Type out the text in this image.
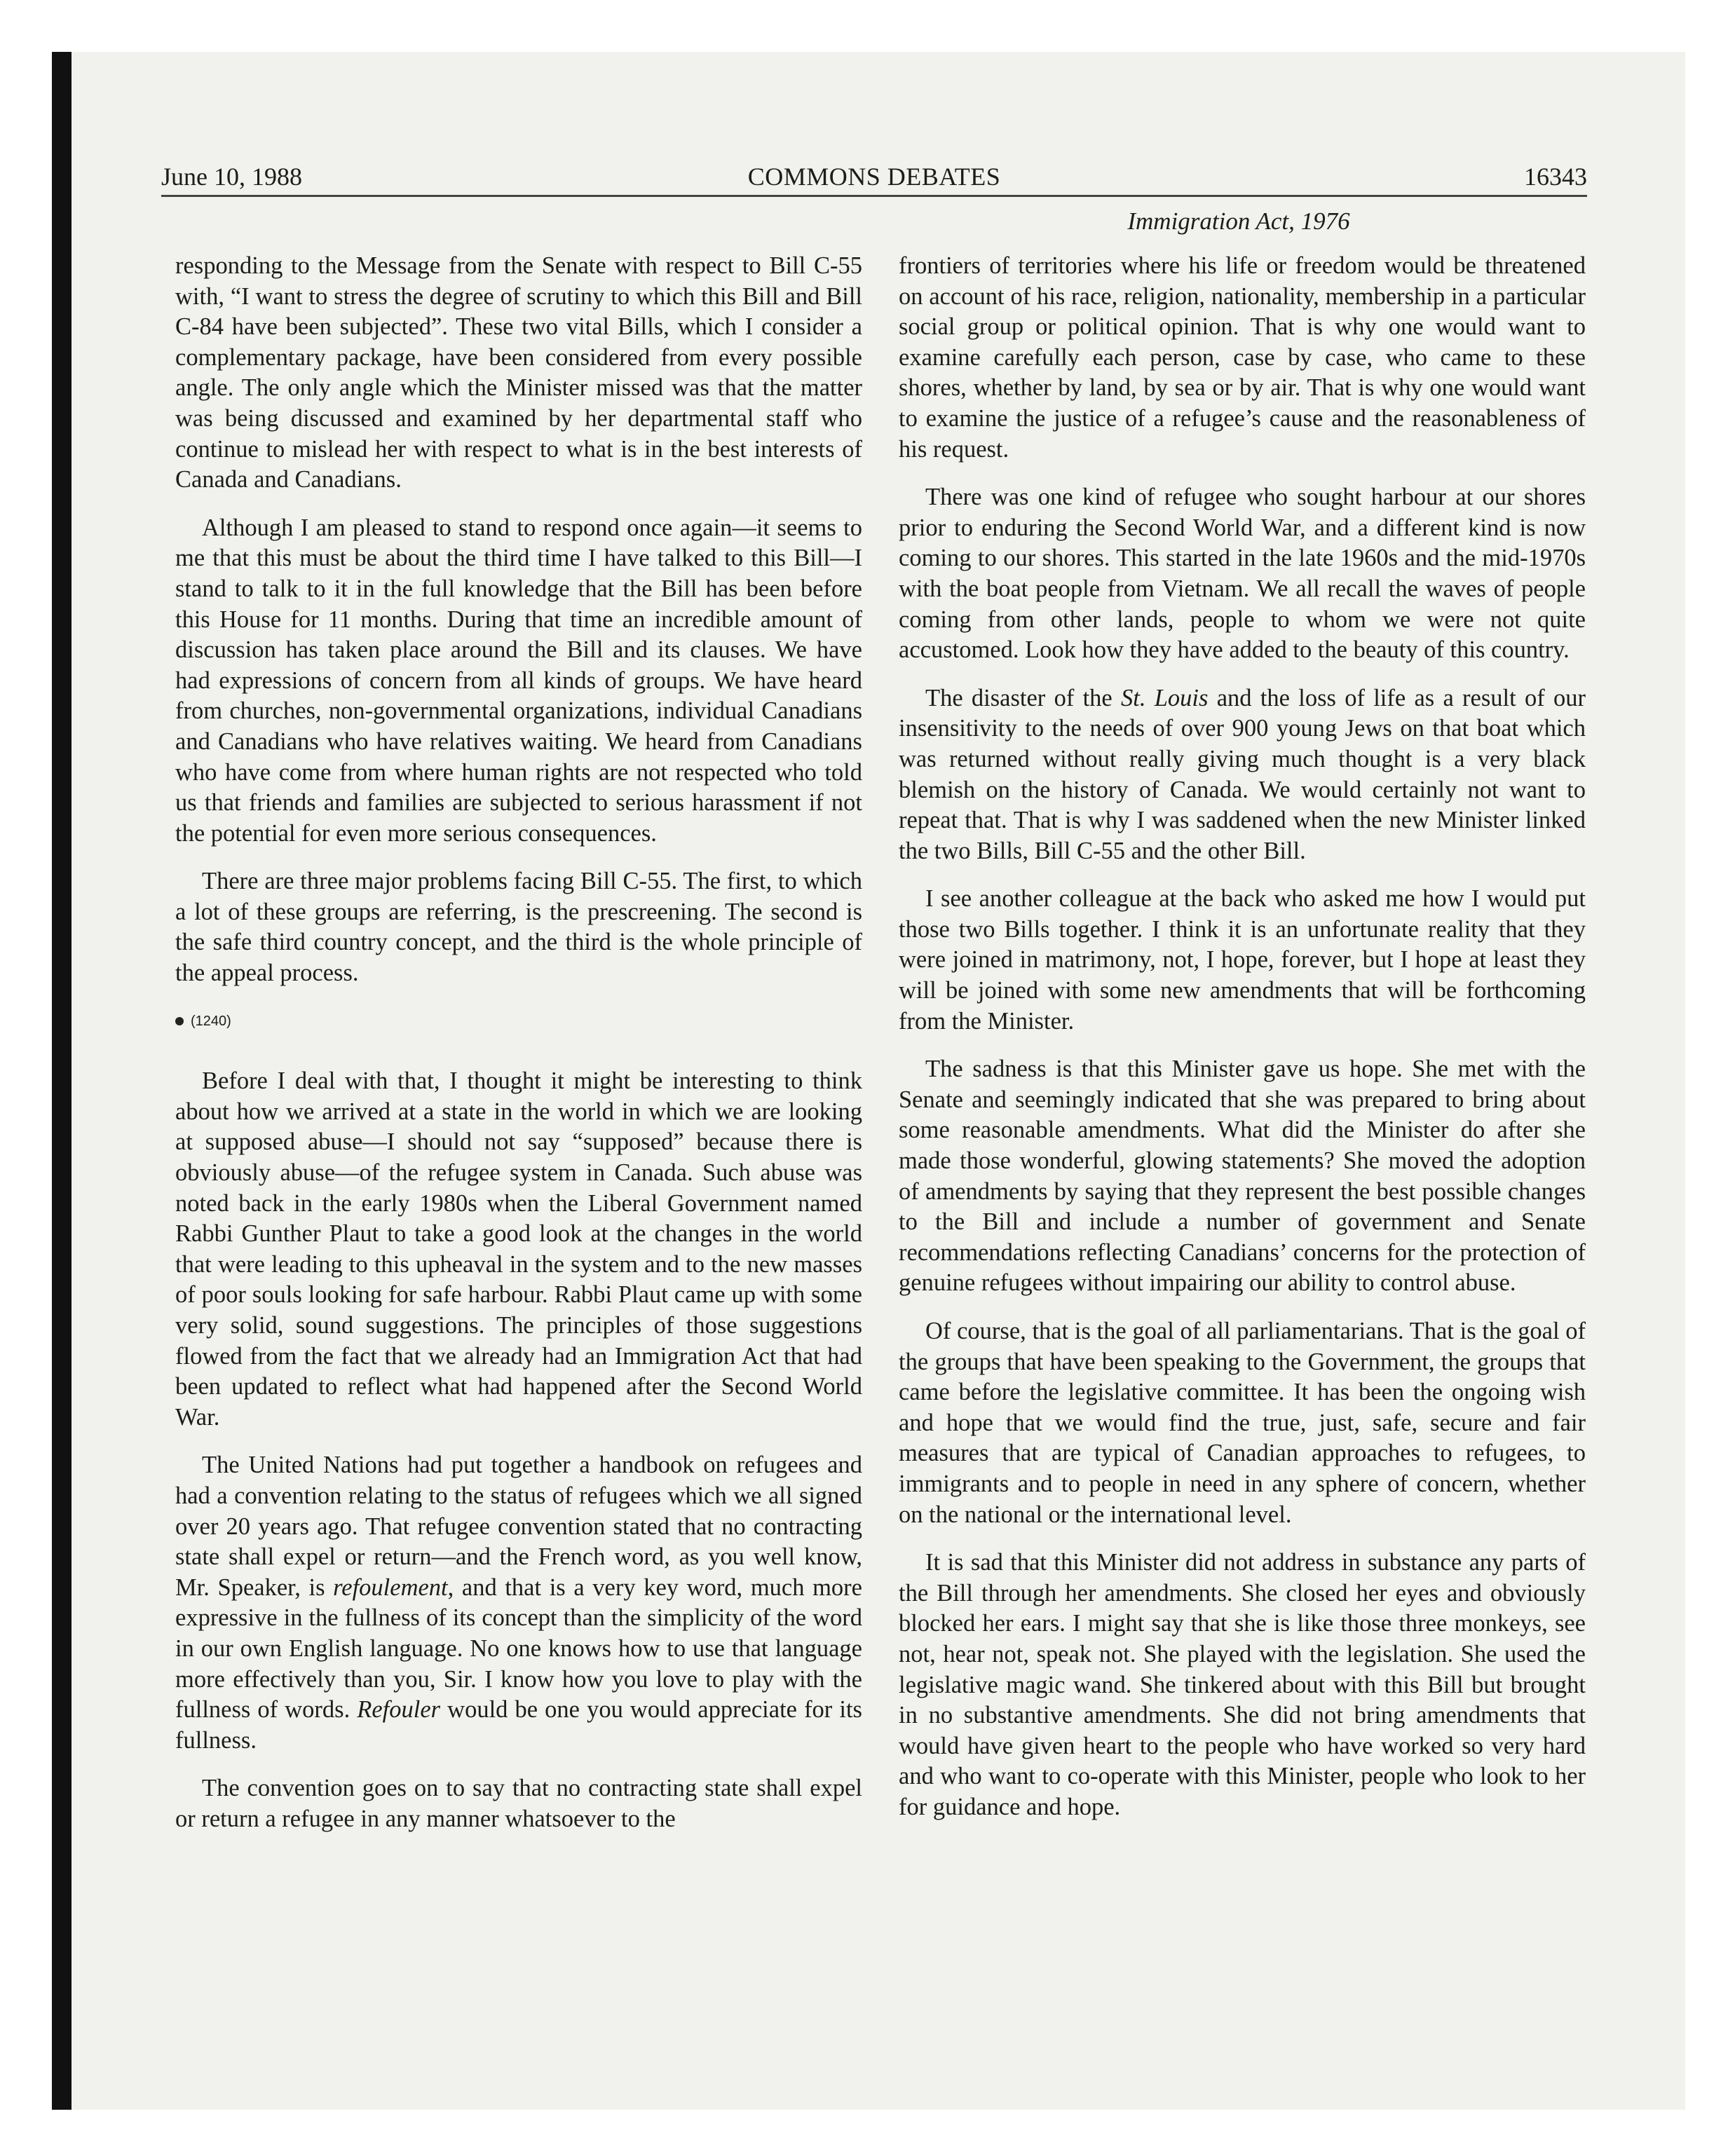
June 10, 1988	COMMONS DEBATES	16343
Immigration Act, 1976

responding to the Message from the Senate with respect to Bill C-55 with, “I want to stress the degree of scrutiny to which this Bill and Bill C-84 have been subjected”. These two vital Bills, which I consider a complementary package, have been considered from every possible angle. The only angle which the Minister missed was that the matter was being discussed and examined by her departmental staff who continue to mislead her with respect to what is in the best interests of Canada and Canadians.

Although I am pleased to stand to respond once again—it seems to me that this must be about the third time I have talked to this Bill—I stand to talk to it in the full knowledge that the Bill has been before this House for 11 months. During that time an incredible amount of discussion has taken place around the Bill and its clauses. We have had expressions of concern from all kinds of groups. We have heard from churches, non-governmental organizations, individual Canadians and Canadians who have relatives waiting. We heard from Canadians who have come from where human rights are not respected who told us that friends and families are subjected to serious harassment if not the potential for even more serious consequences.

There are three major problems facing Bill C-55. The first, to which a lot of these groups are referring, is the prescreening. The second is the safe third country concept, and the third is the whole principle of the appeal process.

(1240)

Before I deal with that, I thought it might be interesting to think about how we arrived at a state in the world in which we are looking at supposed abuse—I should not say “supposed” because there is obviously abuse—of the refugee system in Canada. Such abuse was noted back in the early 1980s when the Liberal Government named Rabbi Gunther Plaut to take a good look at the changes in the world that were leading to this upheaval in the system and to the new masses of poor souls looking for safe harbour. Rabbi Plaut came up with some very solid, sound suggestions. The principles of those suggestions flowed from the fact that we already had an Immigration Act that had been updated to reflect what had happened after the Second World War.

The United Nations had put together a handbook on refugees and had a convention relating to the status of refugees which we all signed over 20 years ago. That refugee convention stated that no contracting state shall expel or return—and the French word, as you well know, Mr. Speaker, is refoulement, and that is a very key word, much more expressive in the fullness of its concept than the simplicity of the word in our own English language. No one knows how to use that language more effectively than you, Sir. I know how you love to play with the fullness of words. Refouler would be one you would appreciate for its fullness.

The convention goes on to say that no contracting state shall expel or return a refugee in any manner whatsoever to the

frontiers of territories where his life or freedom would be threatened on account of his race, religion, nationality, membership in a particular social group or political opinion. That is why one would want to examine carefully each person, case by case, who came to these shores, whether by land, by sea or by air. That is why one would want to examine the justice of a refugee’s cause and the reasonableness of his request.

There was one kind of refugee who sought harbour at our shores prior to enduring the Second World War, and a different kind is now coming to our shores. This started in the late 1960s and the mid-1970s with the boat people from Vietnam. We all recall the waves of people coming from other lands, people to whom we were not quite accustomed. Look how they have added to the beauty of this country.

The disaster of the St. Louis and the loss of life as a result of our insensitivity to the needs of over 900 young Jews on that boat which was returned without really giving much thought is a very black blemish on the history of Canada. We would certainly not want to repeat that. That is why I was saddened when the new Minister linked the two Bills, Bill C-55 and the other Bill.

I see another colleague at the back who asked me how I would put those two Bills together. I think it is an unfortunate reality that they were joined in matrimony, not, I hope, forever, but I hope at least they will be joined with some new amendments that will be forthcoming from the Minister.

The sadness is that this Minister gave us hope. She met with the Senate and seemingly indicated that she was prepared to bring about some reasonable amendments. What did the Minister do after she made those wonderful, glowing statements? She moved the adoption of amendments by saying that they represent the best possible changes to the Bill and include a number of government and Senate recommendations reflecting Canadians’ concerns for the protection of genuine refugees without impairing our ability to control abuse.

Of course, that is the goal of all parliamentarians. That is the goal of the groups that have been speaking to the Government, the groups that came before the legislative committee. It has been the ongoing wish and hope that we would find the true, just, safe, secure and fair measures that are typical of Canadian approaches to refugees, to immigrants and to people in need in any sphere of concern, whether on the national or the international level.

It is sad that this Minister did not address in substance any parts of the Bill through her amendments. She closed her eyes and obviously blocked her ears. I might say that she is like those three monkeys, see not, hear not, speak not. She played with the legislation. She used the legislative magic wand. She tinkered about with this Bill but brought in no substantive amendments. She did not bring amendments that would have given heart to the people who have worked so very hard and who want to co-operate with this Minister, people who look to her for guidance and hope.
